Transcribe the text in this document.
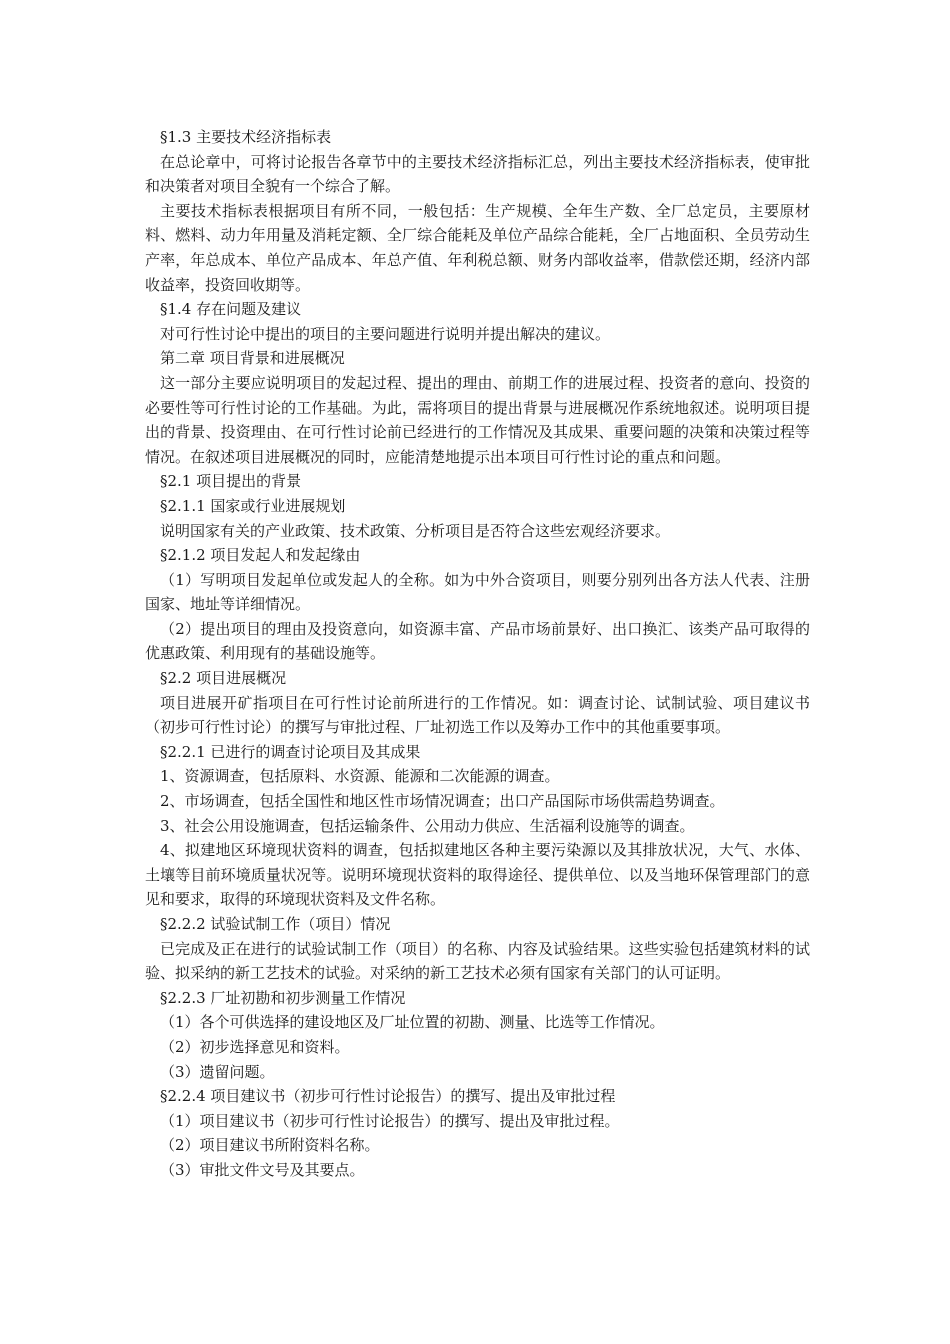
§1.3 主要技术经济指标表

在总论章中，可将讨论报告各章节中的主要技术经济指标汇总，列出主要技术经济指标表，使审批和决策者对项目全貌有一个综合了解。

主要技术指标表根据项目有所不同，一般包括：生产规模、全年生产数、全厂总定员，主要原材料、燃料、动力年用量及消耗定额、全厂综合能耗及单位产品综合能耗，全厂占地面积、全员劳动生产率，年总成本、单位产品成本、年总产值、年利税总额、财务内部收益率，借款偿还期，经济内部收益率，投资回收期等。

§1.4 存在问题及建议

对可行性讨论中提出的项目的主要问题进行说明并提出解决的建议。

第二章 项目背景和进展概况

这一部分主要应说明项目的发起过程、提出的理由、前期工作的进展过程、投资者的意向、投资的必要性等可行性讨论的工作基础。为此，需将项目的提出背景与进展概况作系统地叙述。说明项目提出的背景、投资理由、在可行性讨论前已经进行的工作情况及其成果、重要问题的决策和决策过程等情况。在叙述项目进展概况的同时，应能清楚地提示出本项目可行性讨论的重点和问题。

§2.1 项目提出的背景

§2.1.1 国家或行业进展规划

说明国家有关的产业政策、技术政策、分析项目是否符合这些宏观经济要求。

§2.1.2 项目发起人和发起缘由

（1）写明项目发起单位或发起人的全称。如为中外合资项目，则要分别列出各方法人代表、注册国家、地址等详细情况。

（2）提出项目的理由及投资意向，如资源丰富、产品市场前景好、出口换汇、该类产品可取得的优惠政策、利用现有的基础设施等。

§2.2 项目进展概况

项目进展开矿指项目在可行性讨论前所进行的工作情况。如：调查讨论、试制试验、项目建议书（初步可行性讨论）的撰写与审批过程、厂址初选工作以及筹办工作中的其他重要事项。

§2.2.1 已进行的调查讨论项目及其成果

1、资源调查，包括原料、水资源、能源和二次能源的调查。

2、市场调查，包括全国性和地区性市场情况调查；出口产品国际市场供需趋势调查。

3、社会公用设施调查，包括运输条件、公用动力供应、生活福利设施等的调查。

4、拟建地区环境现状资料的调查，包括拟建地区各种主要污染源以及其排放状况，大气、水体、土壤等目前环境质量状况等。说明环境现状资料的取得途径、提供单位、以及当地环保管理部门的意见和要求，取得的环境现状资料及文件名称。

§2.2.2 试验试制工作（项目）情况

已完成及正在进行的试验试制工作（项目）的名称、内容及试验结果。这些实验包括建筑材料的试验、拟采纳的新工艺技术的试验。对采纳的新工艺技术必须有国家有关部门的认可证明。

§2.2.3 厂址初勘和初步测量工作情况

（1）各个可供选择的建设地区及厂址位置的初勘、测量、比选等工作情况。

（2）初步选择意见和资料。

（3）遗留问题。

§2.2.4 项目建议书（初步可行性讨论报告）的撰写、提出及审批过程

（1）项目建议书（初步可行性讨论报告）的撰写、提出及审批过程。

（2）项目建议书所附资料名称。

（3）审批文件文号及其要点。
